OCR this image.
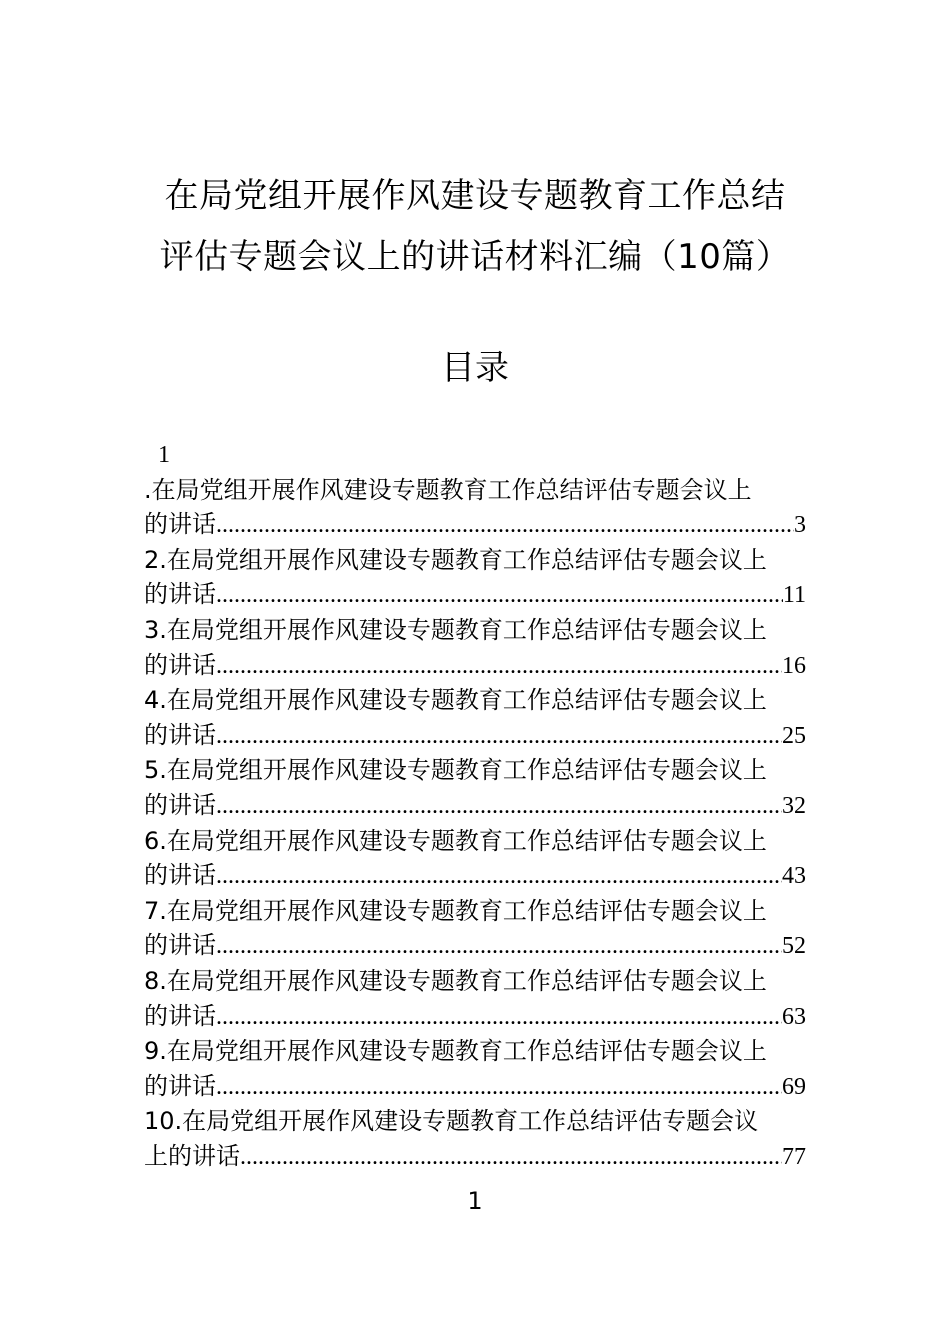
在局党组开展作风建设专题教育工作总结
评估专题会议上的讲话材料汇编（10篇）
目录
1
.在局党组开展作风建设专题教育工作总结评估专题会议上
的讲话 .....	3
2.在局党组开展作风建设专题教育工作总结评估专题会议上
的讲话 .....	11
3.在局党组开展作风建设专题教育工作总结评估专题会议上
的讲话 .....	16
4.在局党组开展作风建设专题教育工作总结评估专题会议上
的讲话 .....	25
5.在局党组开展作风建设专题教育工作总结评估专题会议上
的讲话 .....	32
6.在局党组开展作风建设专题教育工作总结评估专题会议上
的讲话 .....	43
7.在局党组开展作风建设专题教育工作总结评估专题会议上
的讲话 .....	52
8.在局党组开展作风建设专题教育工作总结评估专题会议上
的讲话 .....	63
9.在局党组开展作风建设专题教育工作总结评估专题会议上
的讲话 .....	69
10.在局党组开展作风建设专题教育工作总结评估专题会议
上的讲话 .....	77
1
